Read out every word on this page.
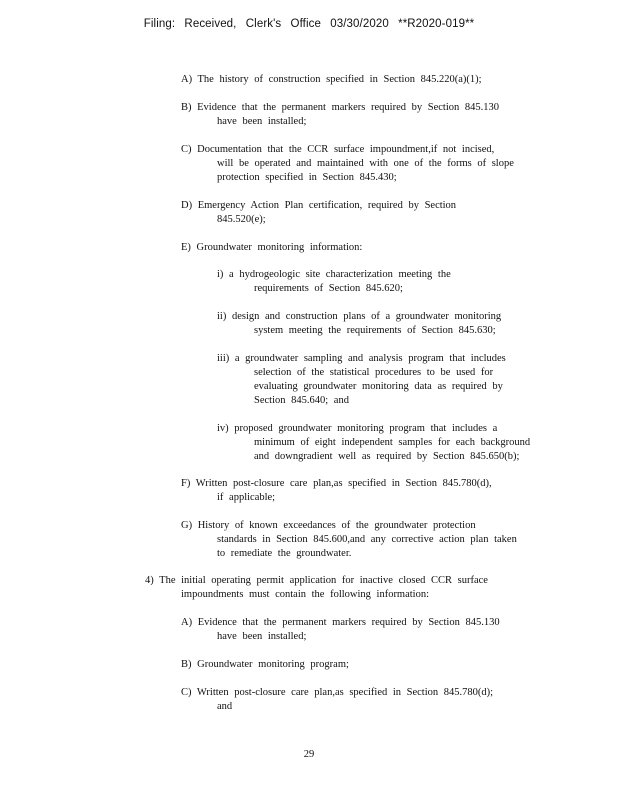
Filing: Received, Clerk's Office 03/30/2020 **R2020-019**
A) The history of construction specified in Section 845.220(a)(1);
B) Evidence that the permanent markers required by Section 845.130
have been installed;
C) Documentation that the CCR surface impoundment,if not incised,
will be operated and maintained with one of the forms of slope
protection specified in Section 845.430;
D) Emergency Action Plan certification, required by Section
845.520(e);
E) Groundwater monitoring information:
i) a hydrogeologic site characterization meeting the
requirements of Section 845.620;
ii) design and construction plans of a groundwater monitoring
system meeting the requirements of Section 845.630;
iii) a groundwater sampling and analysis program that includes
selection of the statistical procedures to be used for
evaluating groundwater monitoring data as required by
Section 845.640; and
iv) proposed groundwater monitoring program that includes a
minimum of eight independent samples for each background
and downgradient well as required by Section 845.650(b);
F) Written post-closure care plan,as specified in Section 845.780(d),
if applicable;
G) History of known exceedances of the groundwater protection
standards in Section 845.600,and any corrective action plan taken
to remediate the groundwater.
4) The initial operating permit application for inactive closed CCR surface
impoundments must contain the following information:
A) Evidence that the permanent markers required by Section 845.130
have been installed;
B) Groundwater monitoring program;
C) Written post-closure care plan,as specified in Section 845.780(d);
and
29
